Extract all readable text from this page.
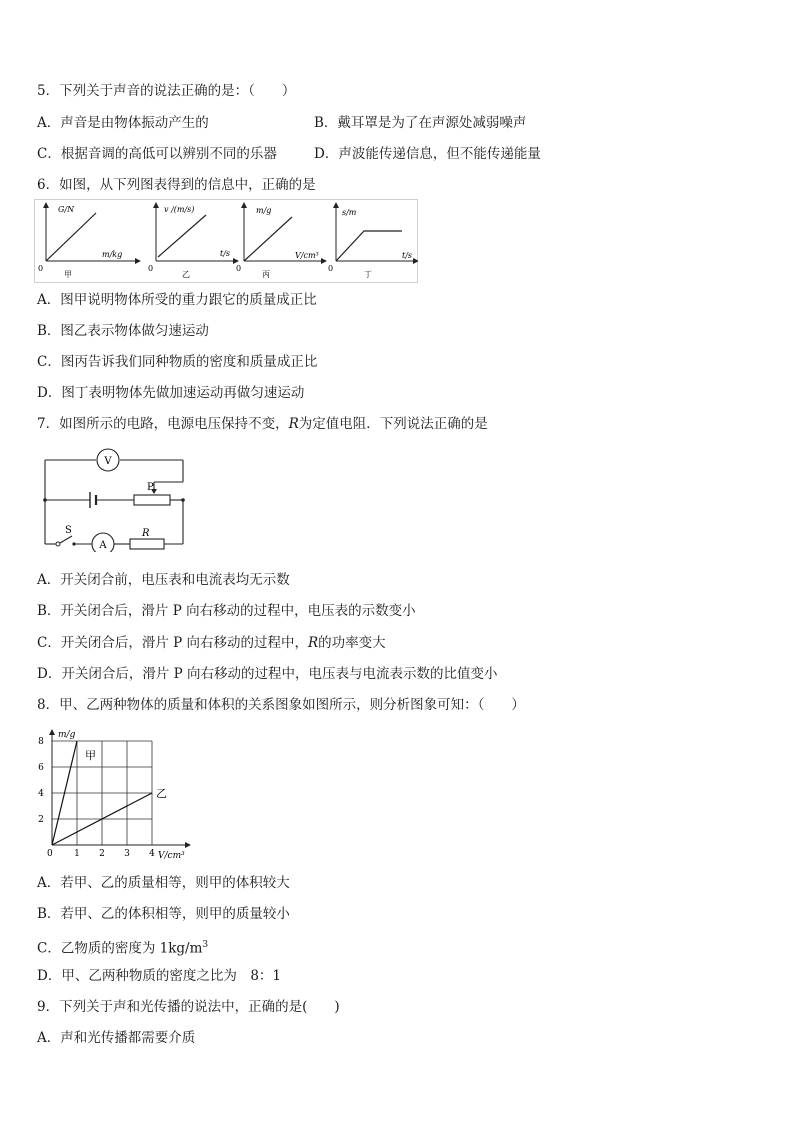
5．下列关于声音的说法正确的是：（　　）
A．声音是由物体振动产生的	B．戴耳罩是为了在声源处减弱噪声
C．根据音调的高低可以辨别不同的乐器	D．声波能传递信息，但不能传递能量
6．如图，从下列图表得到的信息中，正确的是
G/N
m/kg
0
甲
v /(m/s)
t/s
0
乙
m/g
V/cm³
0
丙
s/m
t/s
0
丁
A．图甲说明物体所受的重力跟它的质量成正比
B．图乙表示物体做匀速运动
C．图丙告诉我们同种物质的密度和质量成正比
D．图丁表明物体先做加速运动再做匀速运动
7．如图所示的电路，电源电压保持不变，R为定值电阻．下列说法正确的是
V
A
P
S	R
A．开关闭合前，电压表和电流表均无示数
B．开关闭合后，滑片 P 向右移动的过程中，电压表的示数变小
C．开关闭合后，滑片 P 向右移动的过程中，R的功率变大
D．开关闭合后，滑片 P 向右移动的过程中，电压表与电流表示数的比值变小
8．甲、乙两种物体的质量和体积的关系图象如图所示，则分析图象可知：（　　）
m/g
V/cm³
0 1 2 3 4
2
4
6
8
甲
乙
A．若甲、乙的质量相等，则甲的体积较大
B．若甲、乙的体积相等，则甲的质量较小
C．乙物质的密度为 $1kg/m^3$
D．甲、乙两种物质的密度之比为　8：1
9．下列关于声和光传播的说法中，正确的是(　　)
A．声和光传播都需要介质
